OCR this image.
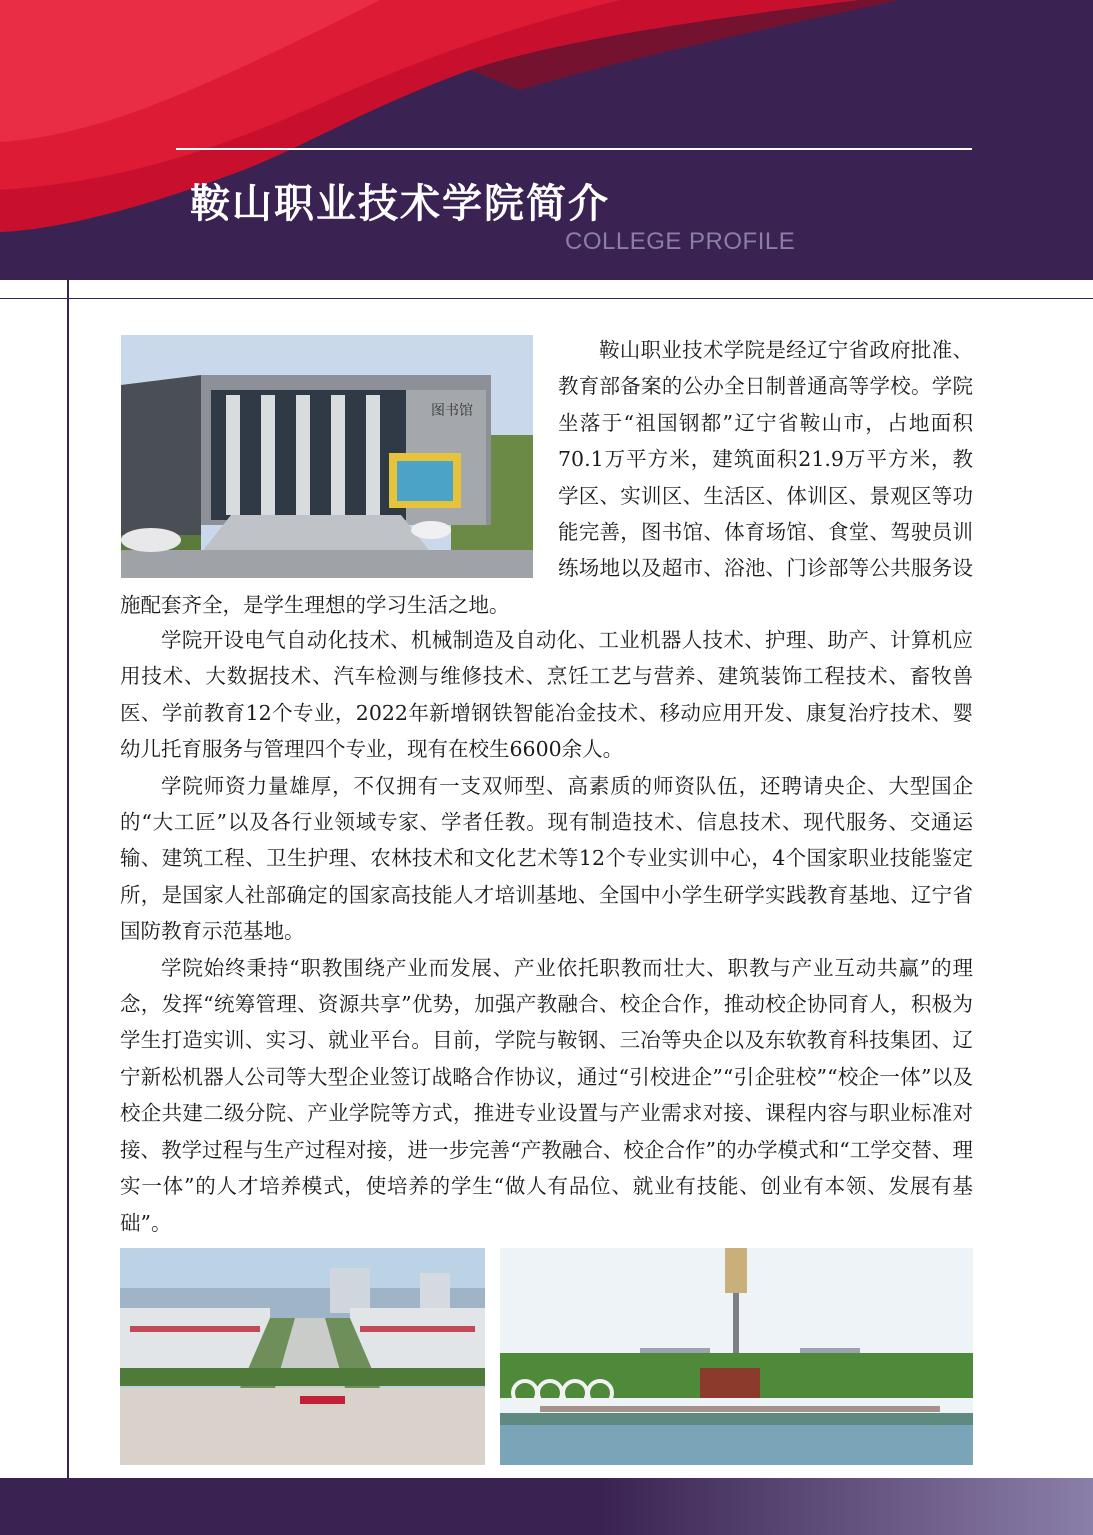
鞍山职业技术学院简介
COLLEGE PROFILE
图书馆
鞍山职业技术学院是经辽宁省政府批准、教育部备案的公办全日制普通高等学校。学院坐落于“祖国钢都”辽宁省鞍山市，占地面积70.1万平方米，建筑面积21.9万平方米，教学区、实训区、生活区、体训区、景观区等功能完善，图书馆、体育场馆、食堂、驾驶员训练场地以及超市、浴池、门诊部等公共服务设施配套齐全，是学生理想的学习生活之地。

学院开设电气自动化技术、机械制造及自动化、工业机器人技术、护理、助产、计算机应用技术、大数据技术、汽车检测与维修技术、烹饪工艺与营养、建筑装饰工程技术、畜牧兽医、学前教育12个专业，2022年新增钢铁智能冶金技术、移动应用开发、康复治疗技术、婴幼儿托育服务与管理四个专业，现有在校生6600余人。

学院师资力量雄厚，不仅拥有一支双师型、高素质的师资队伍，还聘请央企、大型国企的“大工匠”以及各行业领域专家、学者任教。现有制造技术、信息技术、现代服务、交通运输、建筑工程、卫生护理、农林技术和文化艺术等12个专业实训中心，4个国家职业技能鉴定所，是国家人社部确定的国家高技能人才培训基地、全国中小学生研学实践教育基地、辽宁省国防教育示范基地。

学院始终秉持“职教围绕产业而发展、产业依托职教而壮大、职教与产业互动共赢”的理念，发挥“统筹管理、资源共享”优势，加强产教融合、校企合作，推动校企协同育人，积极为学生打造实训、实习、就业平台。目前，学院与鞍钢、三冶等央企以及东软教育科技集团、辽宁新松机器人公司等大型企业签订战略合作协议，通过“引校进企”“引企驻校”“校企一体”以及校企共建二级分院、产业学院等方式，推进专业设置与产业需求对接、课程内容与职业标准对接、教学过程与生产过程对接，进一步完善“产教融合、校企合作”的办学模式和“工学交替、理实一体”的人才培养模式，使培养的学生“做人有品位、就业有技能、创业有本领、发展有基础”。
